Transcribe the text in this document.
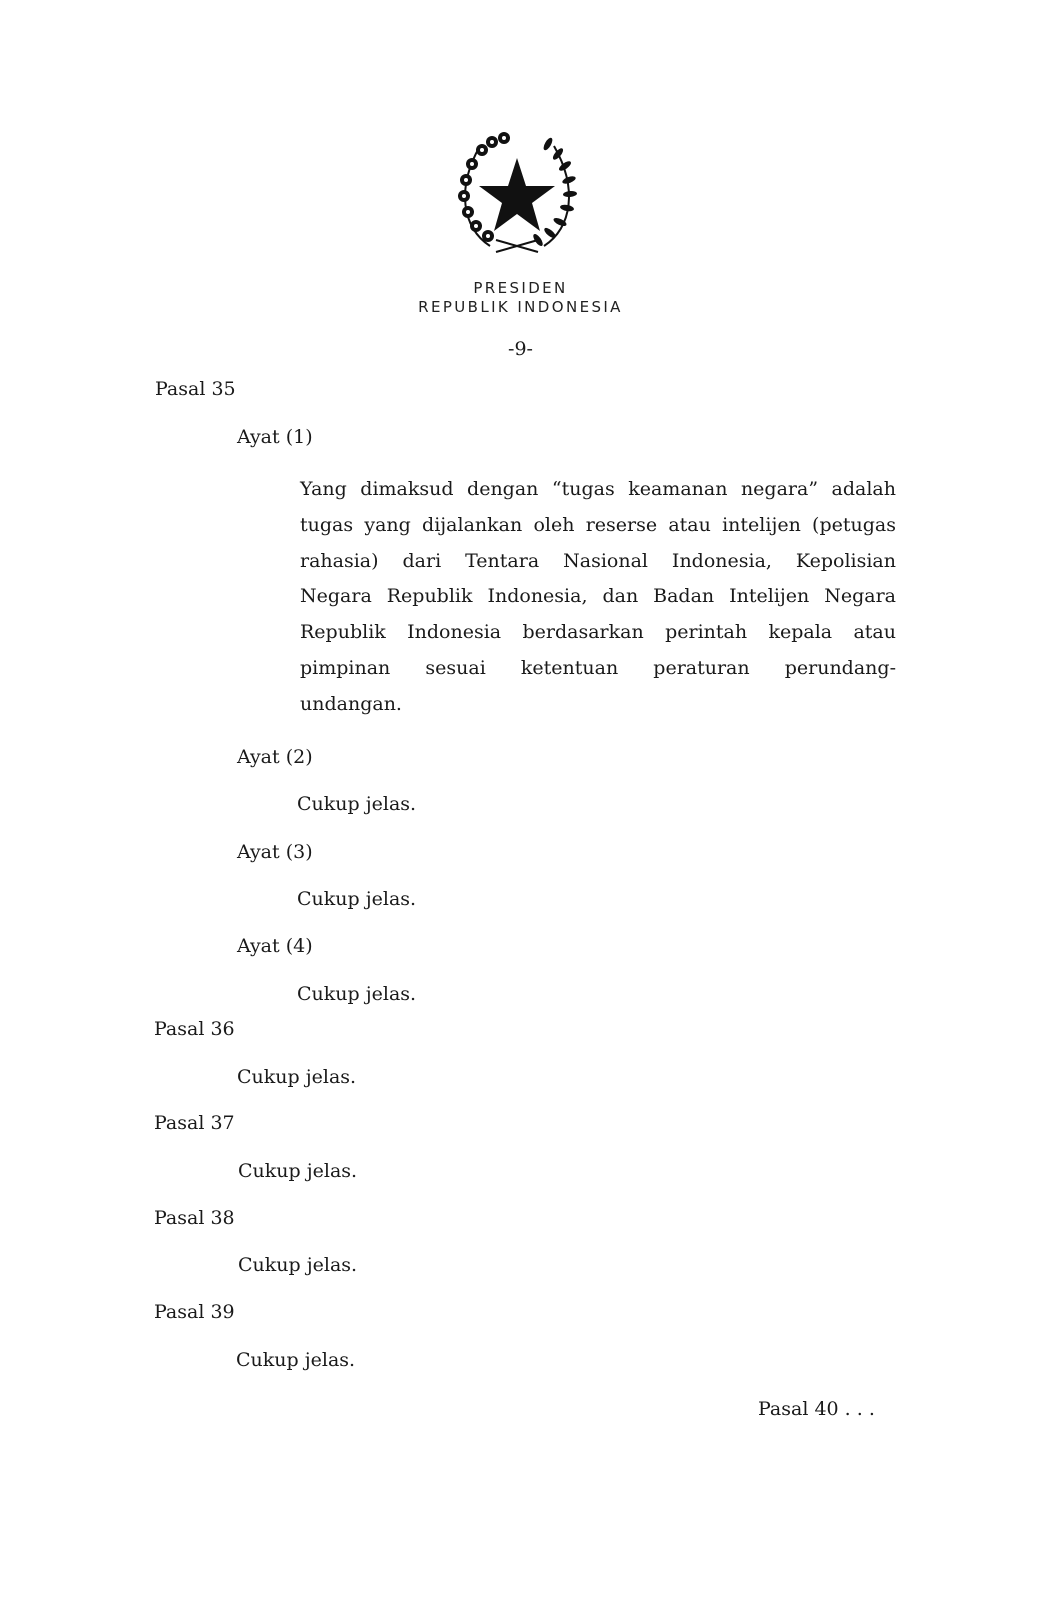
PRESIDEN
REPUBLIK INDONESIA
-9-
Pasal 35
Ayat (1)
Yang dimaksud dengan “tugas keamanan negara” adalah
tugas yang dijalankan oleh reserse atau intelijen (petugas
rahasia) dari Tentara Nasional Indonesia, Kepolisian
Negara Republik Indonesia, dan Badan Intelijen Negara
Republik Indonesia berdasarkan perintah kepala atau
pimpinan sesuai ketentuan peraturan perundang-
undangan.
Ayat (2)
Cukup jelas.
Ayat (3)
Cukup jelas.
Ayat (4)
Cukup jelas.
Pasal 36
Cukup jelas.
Pasal 37
Cukup jelas.
Pasal 38
Cukup jelas.
Pasal 39
Cukup jelas.
Pasal 40 . . .
